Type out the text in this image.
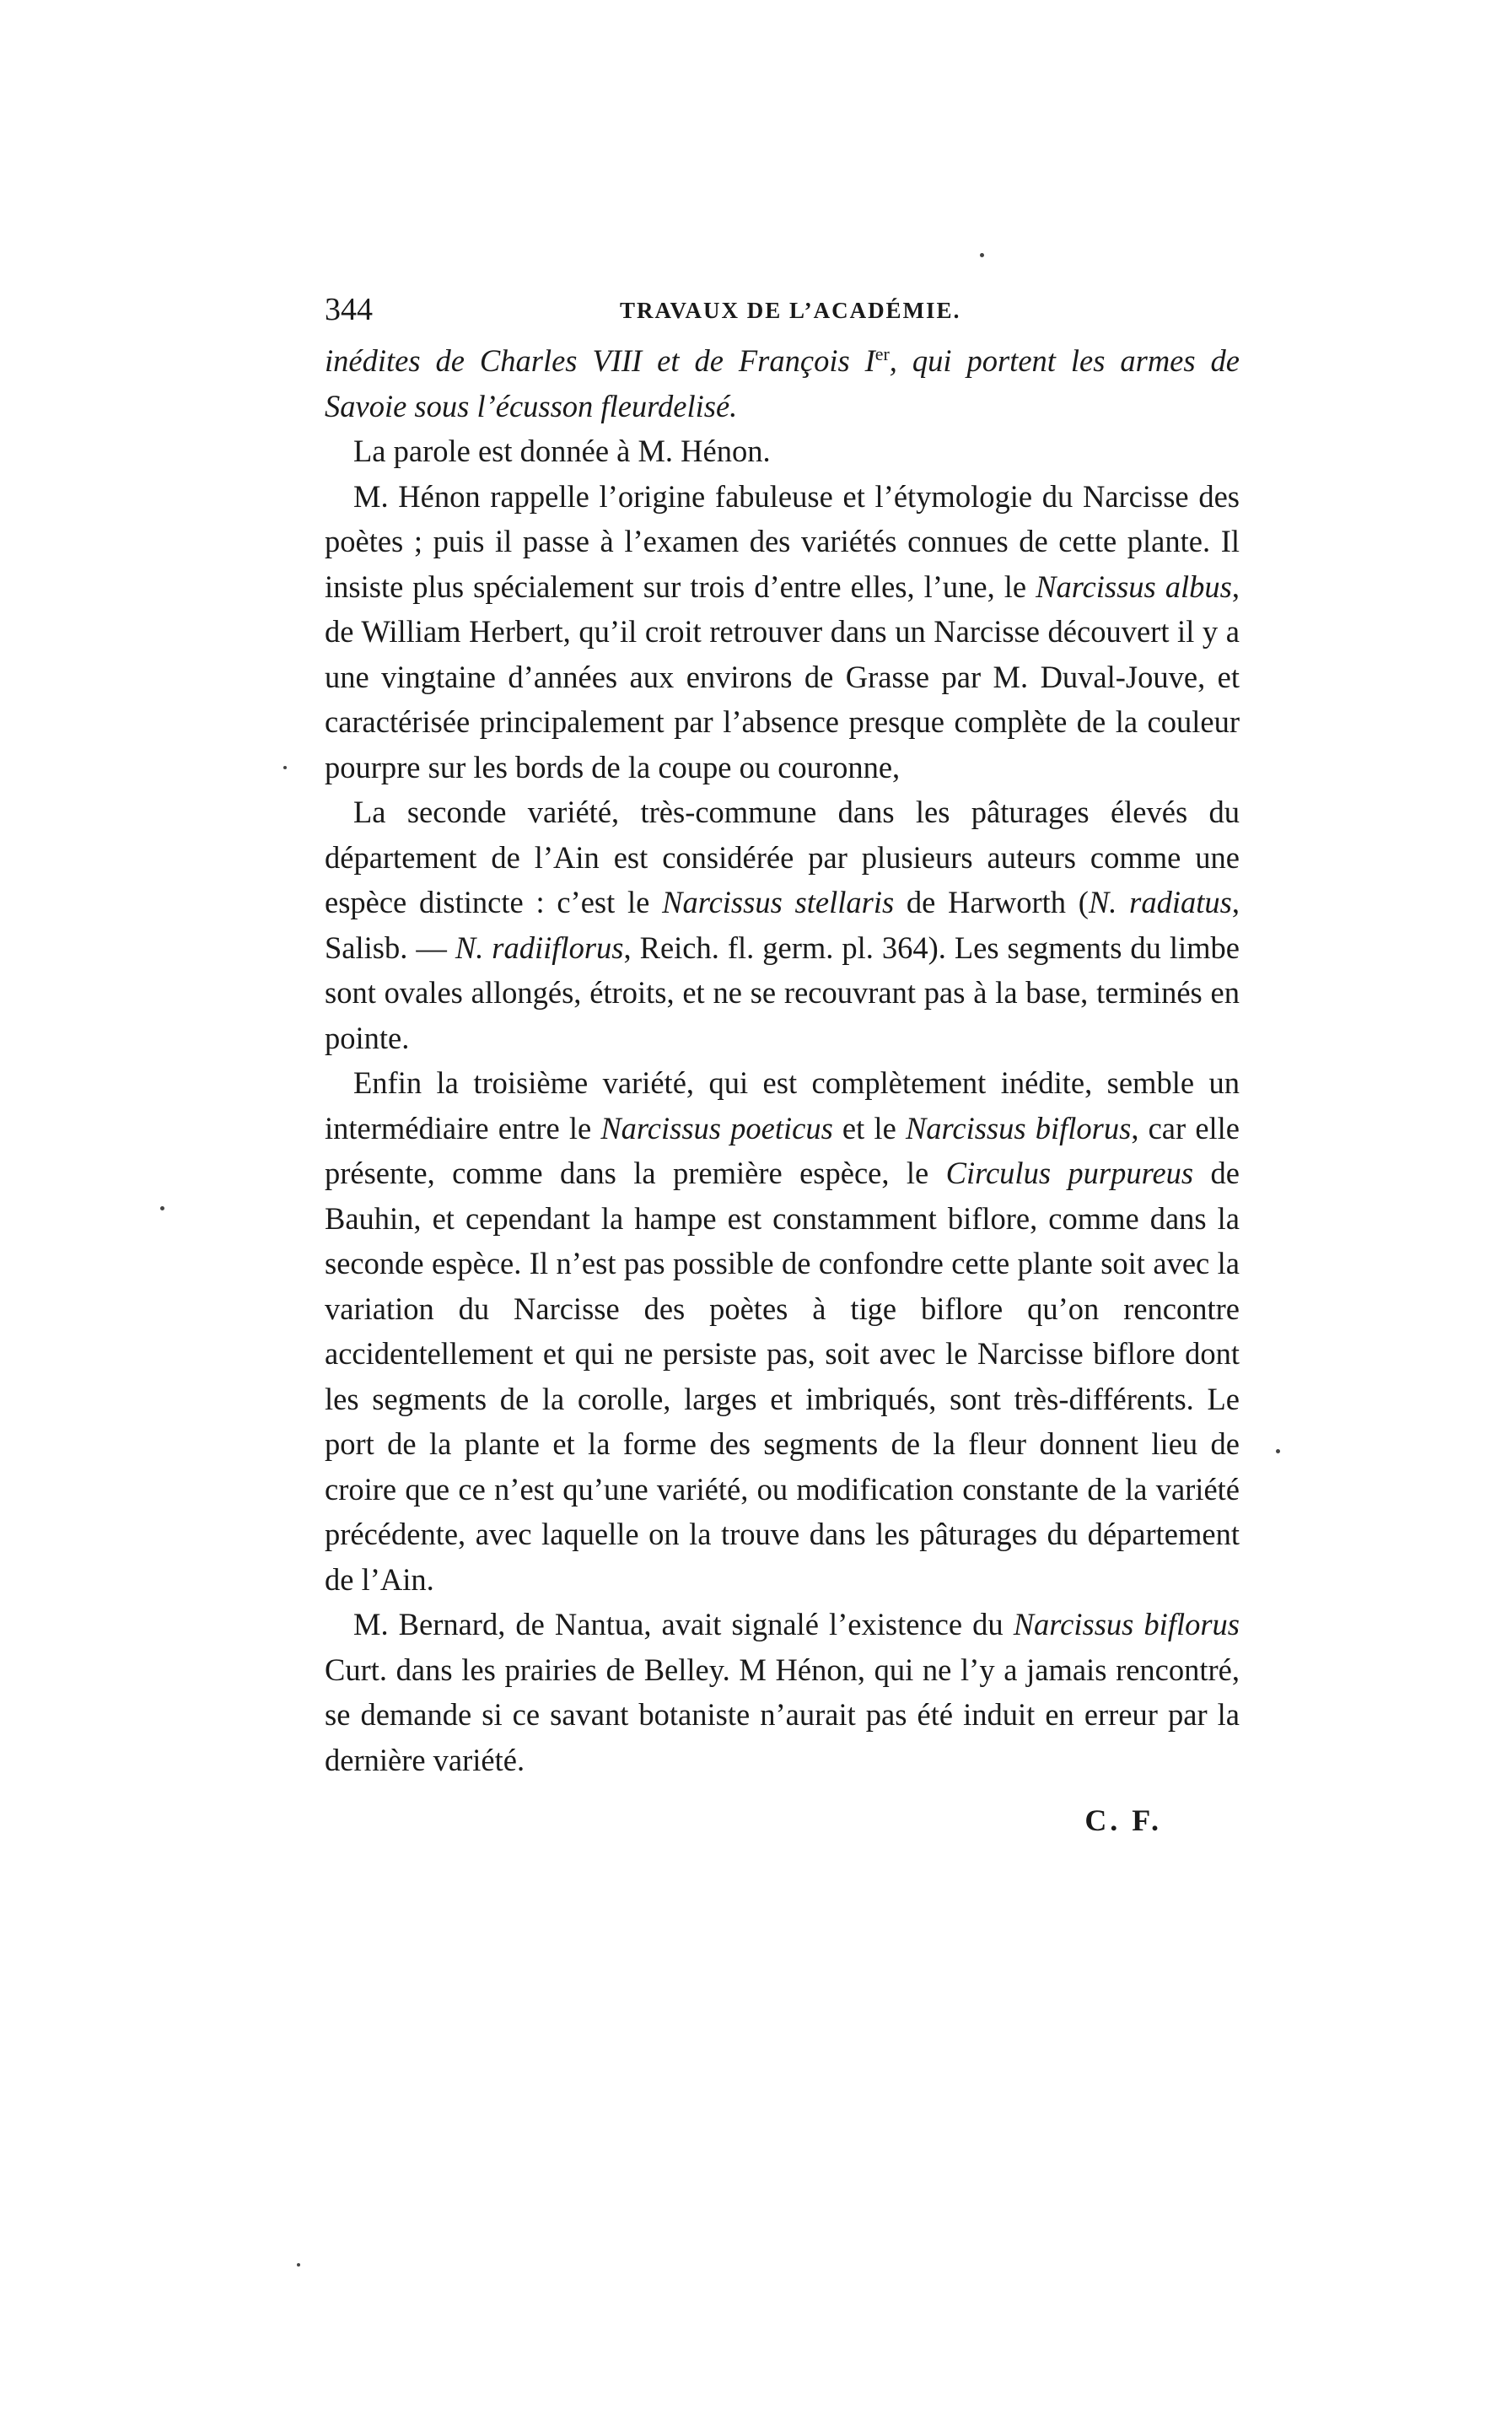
344	TRAVAUX DE L’ACADÉMIE.

inédites de Charles VIII et de François Ier, qui portent les armes de Savoie sous l’écusson fleurdelisé.

La parole est donnée à M. Hénon.

M. Hénon rappelle l’origine fabuleuse et l’étymologie du Narcisse des poètes ; puis il passe à l’examen des variétés connues de cette plante. Il insiste plus spécialement sur trois d’entre elles, l’une, le Narcissus albus, de William Herbert, qu’il croit retrouver dans un Narcisse découvert il y a une vingtaine d’années aux environs de Grasse par M. Duval-Jouve, et caractérisée principalement par l’absence presque complète de la couleur pourpre sur les bords de la coupe ou couronne,

La seconde variété, très-commune dans les pâturages élevés du département de l’Ain est considérée par plusieurs auteurs comme une espèce distincte : c’est le Narcissus stellaris de Harworth (N. radiatus, Salisb. — N. radiiflorus, Reich. fl. germ. pl. 364). Les segments du limbe sont ovales allongés, étroits, et ne se recouvrant pas à la base, terminés en pointe.

Enfin la troisième variété, qui est complètement inédite, semble un intermédiaire entre le Narcissus poeticus et le Narcissus biflorus, car elle présente, comme dans la première espèce, le Circulus purpureus de Bauhin, et cependant la hampe est constamment biflore, comme dans la seconde espèce. Il n’est pas possible de confondre cette plante soit avec la variation du Narcisse des poètes à tige biflore qu’on rencontre accidentellement et qui ne persiste pas, soit avec le Narcisse biflore dont les segments de la corolle, larges et imbriqués, sont très-différents. Le port de la plante et la forme des segments de la fleur donnent lieu de croire que ce n’est qu’une variété, ou modification constante de la variété précédente, avec laquelle on la trouve dans les pâturages du département de l’Ain.

M. Bernard, de Nantua, avait signalé l’existence du Narcissus biflorus Curt. dans les prairies de Belley. M Hénon, qui ne l’y a jamais rencontré, se demande si ce savant botaniste n’aurait pas été induit en erreur par la dernière variété.

C. F.
